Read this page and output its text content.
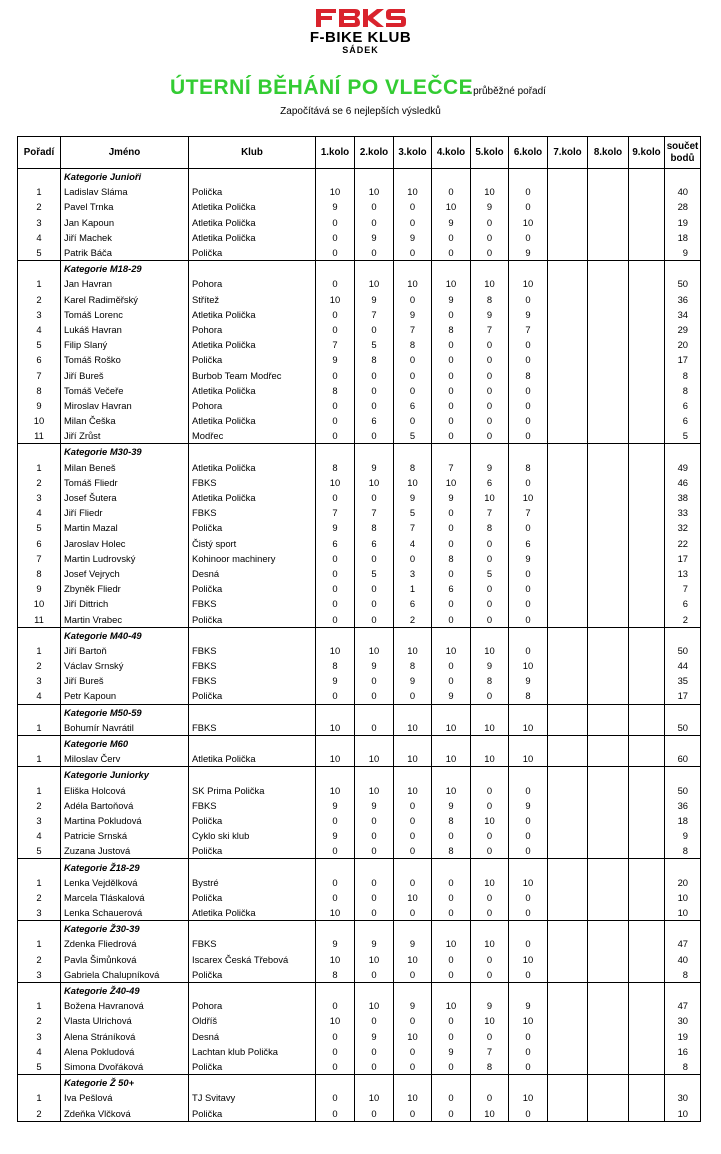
F-BIKE KLUB
SÁDEK
ÚTERNÍ BĚHÁNÍ PO VLEČCE
- průběžné pořadí
Započítává se 6 nejlepších výsledků
Pořadí	Jméno	Klub	1.kolo	2.kolo	3.kolo	4.kolo	5.kolo	6.kolo	7.kolo	8.kolo	9.kolo	součet bodů
	Kategorie Junioři											
1	Ladislav Sláma	Polička	10	10	10	0	10	0				40
2	Pavel Trnka	Atletika Polička	9	0	0	10	9	0				28
3	Jan Kapoun	Atletika Polička	0	0	0	9	0	10				19
4	Jiří Machek	Atletika Polička	0	9	9	0	0	0				18
5	Patrik Báča	Polička	0	0	0	0	0	9				9
	Kategorie M18-29											
1	Jan Havran	Pohora	0	10	10	10	10	10				50
2	Karel Radiměřský	Střítež	10	9	0	9	8	0				36
3	Tomáš Lorenc	Atletika Polička	0	7	9	0	9	9				34
4	Lukáš Havran	Pohora	0	0	7	8	7	7				29
5	Filip Slaný	Atletika Polička	7	5	8	0	0	0				20
6	Tomáš Roško	Polička	9	8	0	0	0	0				17
7	Jiří Bureš	Burbob Team Modřec	0	0	0	0	0	8				8
8	Tomáš Večeře	Atletika Polička	8	0	0	0	0	0				8
9	Miroslav Havran	Pohora	0	0	6	0	0	0				6
10	Milan Češka	Atletika Polička	0	6	0	0	0	0				6
11	Jiří Zrůst	Modřec	0	0	5	0	0	0				5
	Kategorie M30-39											
1	Milan Beneš	Atletika Polička	8	9	8	7	9	8				49
2	Tomáš Fliedr	FBKS	10	10	10	10	6	0				46
3	Josef Šutera	Atletika Polička	0	0	9	9	10	10				38
4	Jiří Fliedr	FBKS	7	7	5	0	7	7				33
5	Martin Mazal	Polička	9	8	7	0	8	0				32
6	Jaroslav Holec	Čistý sport	6	6	4	0	0	6				22
7	Martin Ludrovský	Kohinoor machinery	0	0	0	8	0	9				17
8	Josef Vejrych	Desná	0	5	3	0	5	0				13
9	Zbyněk Fliedr	Polička	0	0	1	6	0	0				7
10	Jiří Dittrich	FBKS	0	0	6	0	0	0				6
11	Martin Vrabec	Polička	0	0	2	0	0	0				2
	Kategorie M40-49											
1	Jiří Bartoň	FBKS	10	10	10	10	10	0				50
2	Václav Srnský	FBKS	8	9	8	0	9	10				44
3	Jiří Bureš	FBKS	9	0	9	0	8	9				35
4	Petr Kapoun	Polička	0	0	0	9	0	8				17
	Kategorie M50-59											
1	Bohumír Navrátil	FBKS	10	0	10	10	10	10				50
	Kategorie M60											
1	Miloslav Červ	Atletika Polička	10	10	10	10	10	10				60
	Kategorie Juniorky											
1	Eliška Holcová	SK Prima Polička	10	10	10	10	0	0				50
2	Adéla Bartoňová	FBKS	9	9	0	9	0	9				36
3	Martina Pokludová	Polička	0	0	0	8	10	0				18
4	Patricie Srnská	Cyklo ski klub	9	0	0	0	0	0				9
5	Zuzana Justová	Polička	0	0	0	8	0	0				8
	Kategorie Ž18-29											
1	Lenka Vejdělková	Bystré	0	0	0	0	10	10				20
2	Marcela Tláskalová	Polička	0	0	10	0	0	0				10
3	Lenka Schauerová	Atletika Polička	10	0	0	0	0	0				10
	Kategorie Ž30-39											
1	Zdenka Fliedrová	FBKS	9	9	9	10	10	0				47
2	Pavla Šimůnková	Iscarex Česká Třebová	10	10	10	0	0	10				40
3	Gabriela Chalupníková	Polička	8	0	0	0	0	0				8
	Kategorie Ž40-49											
1	Božena Havranová	Pohora	0	10	9	10	9	9				47
2	Vlasta Ulrichová	Oldříš	10	0	0	0	10	10				30
3	Alena Stráníková	Desná	0	9	10	0	0	0				19
4	Alena Pokludová	Lachtan klub Polička	0	0	0	9	7	0				16
5	Simona Dvořáková	Polička	0	0	0	0	8	0				8
	Kategorie Ž 50+											
1	Iva Pešlová	TJ Svitavy	0	10	10	0	0	10				30
2	Zdeňka Vlčková	Polička	0	0	0	0	10	0				10
